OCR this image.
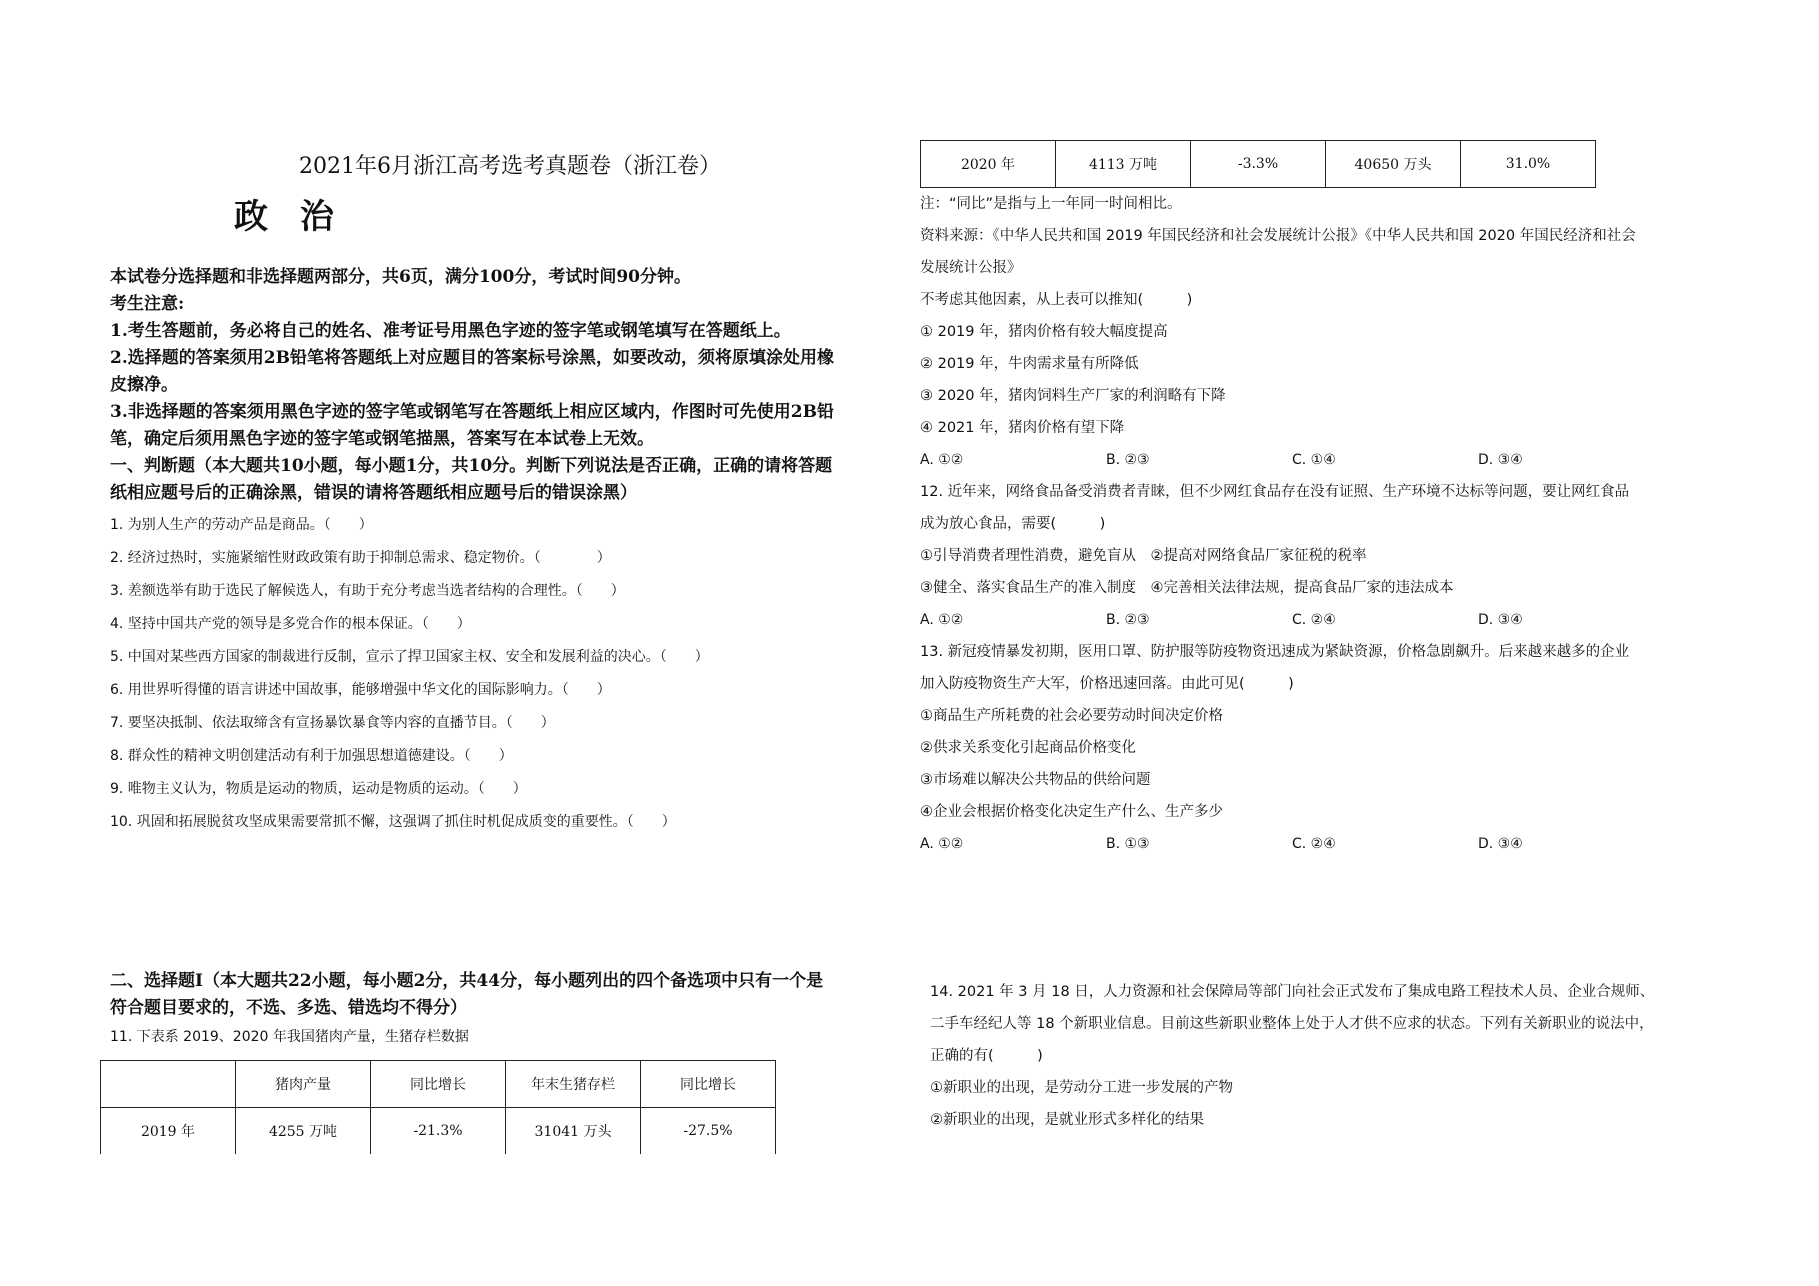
2021年6月浙江高考选考真题卷（浙江卷）

政 治

本试卷分选择题和非选择题两部分，共6页，满分100分，考试时间90分钟。

考生注意:

1.考生答题前，务必将自己的姓名、准考证号用黑色字迹的签字笔或钢笔填写在答题纸上。

2.选择题的答案须用2B铅笔将答题纸上对应题目的答案标号涂黑，如要改动，须将原填涂处用橡

皮擦净。

3.非选择题的答案须用黑色字迹的签字笔或钢笔写在答题纸上相应区域内，作图时可先使用2B铅

笔，确定后须用黑色字迹的签字笔或钢笔描黑，答案写在本试卷上无效。

一、判断题（本大题共10小题，每小题1分，共10分。判断下列说法是否正确，正确的请将答题

纸相应题号后的正确涂黑，错误的请将答题纸相应题号后的错误涂黑）

1. 为别人生产的劳动产品是商品。（　　）

2. 经济过热时，实施紧缩性财政政策有助于抑制总需求、稳定物价。（　　　　）

3. 差额选举有助于选民了解候选人，有助于充分考虑当选者结构的合理性。（　　）

4. 坚持中国共产党的领导是多党合作的根本保证。（　　）

5. 中国对某些西方国家的制裁进行反制，宣示了捍卫国家主权、安全和发展利益的决心。（　　）

6. 用世界听得懂的语言讲述中国故事，能够增强中华文化的国际影响力。（　　）

7. 要坚决抵制、依法取缔含有宣扬暴饮暴食等内容的直播节目。（　　）

8. 群众性的精神文明创建活动有利于加强思想道德建设。（　　）

9. 唯物主义认为，物质是运动的物质，运动是物质的运动。（　　）

10. 巩固和拓展脱贫攻坚成果需要常抓不懈，这强调了抓住时机促成质变的重要性。（　　）

二、选择题Ⅰ（本大题共22小题，每小题2分，共44分，每小题列出的四个备选项中只有一个是

符合题目要求的，不选、多选、错选均不得分）

11. 下表系 2019、2020 年我国猪肉产量，生猪存栏数据

	猪肉产量	同比增长	年末生猪存栏	同比增长
2019 年	4255 万吨	-21.3%	31041 万头	-27.5%
2020 年	4113 万吨	-3.3%	40650 万头	31.0%

注：“同比”是指与上一年同一时间相比。

资料来源：《中华人民共和国 2019 年国民经济和社会发展统计公报》《中华人民共和国 2020 年国民经济和社会

发展统计公报》

不考虑其他因素，从上表可以推知(　　　)

① 2019 年，猪肉价格有较大幅度提高

② 2019 年，牛肉需求量有所降低

③ 2020 年，猪肉饲料生产厂家的利润略有下降

④ 2021 年，猪肉价格有望下降

A. ①②	B. ②③	C. ①④	D. ③④

12. 近年来，网络食品备受消费者青睐，但不少网红食品存在没有证照、生产环境不达标等问题，要让网红食品

成为放心食品，需要(　　　)

①引导消费者理性消费，避免盲从　②提高对网络食品厂家征税的税率

③健全、落实食品生产的准入制度　④完善相关法律法规，提高食品厂家的违法成本

A. ①②	B. ②③	C. ②④	D. ③④

13. 新冠疫情暴发初期，医用口罩、防护服等防疫物资迅速成为紧缺资源，价格急剧飙升。后来越来越多的企业

加入防疫物资生产大军，价格迅速回落。由此可见(　　　)

①商品生产所耗费的社会必要劳动时间决定价格

②供求关系变化引起商品价格变化

③市场难以解决公共物品的供给问题

④企业会根据价格变化决定生产什么、生产多少

A. ①②	B. ①③	C. ②④	D. ③④

14. 2021 年 3 月 18 日，人力资源和社会保障局等部门向社会正式发布了集成电路工程技术人员、企业合规师、

二手车经纪人等 18 个新职业信息。目前这些新职业整体上处于人才供不应求的状态。下列有关新职业的说法中，

正确的有(　　　)

①新职业的出现，是劳动分工进一步发展的产物

②新职业的出现，是就业形式多样化的结果
